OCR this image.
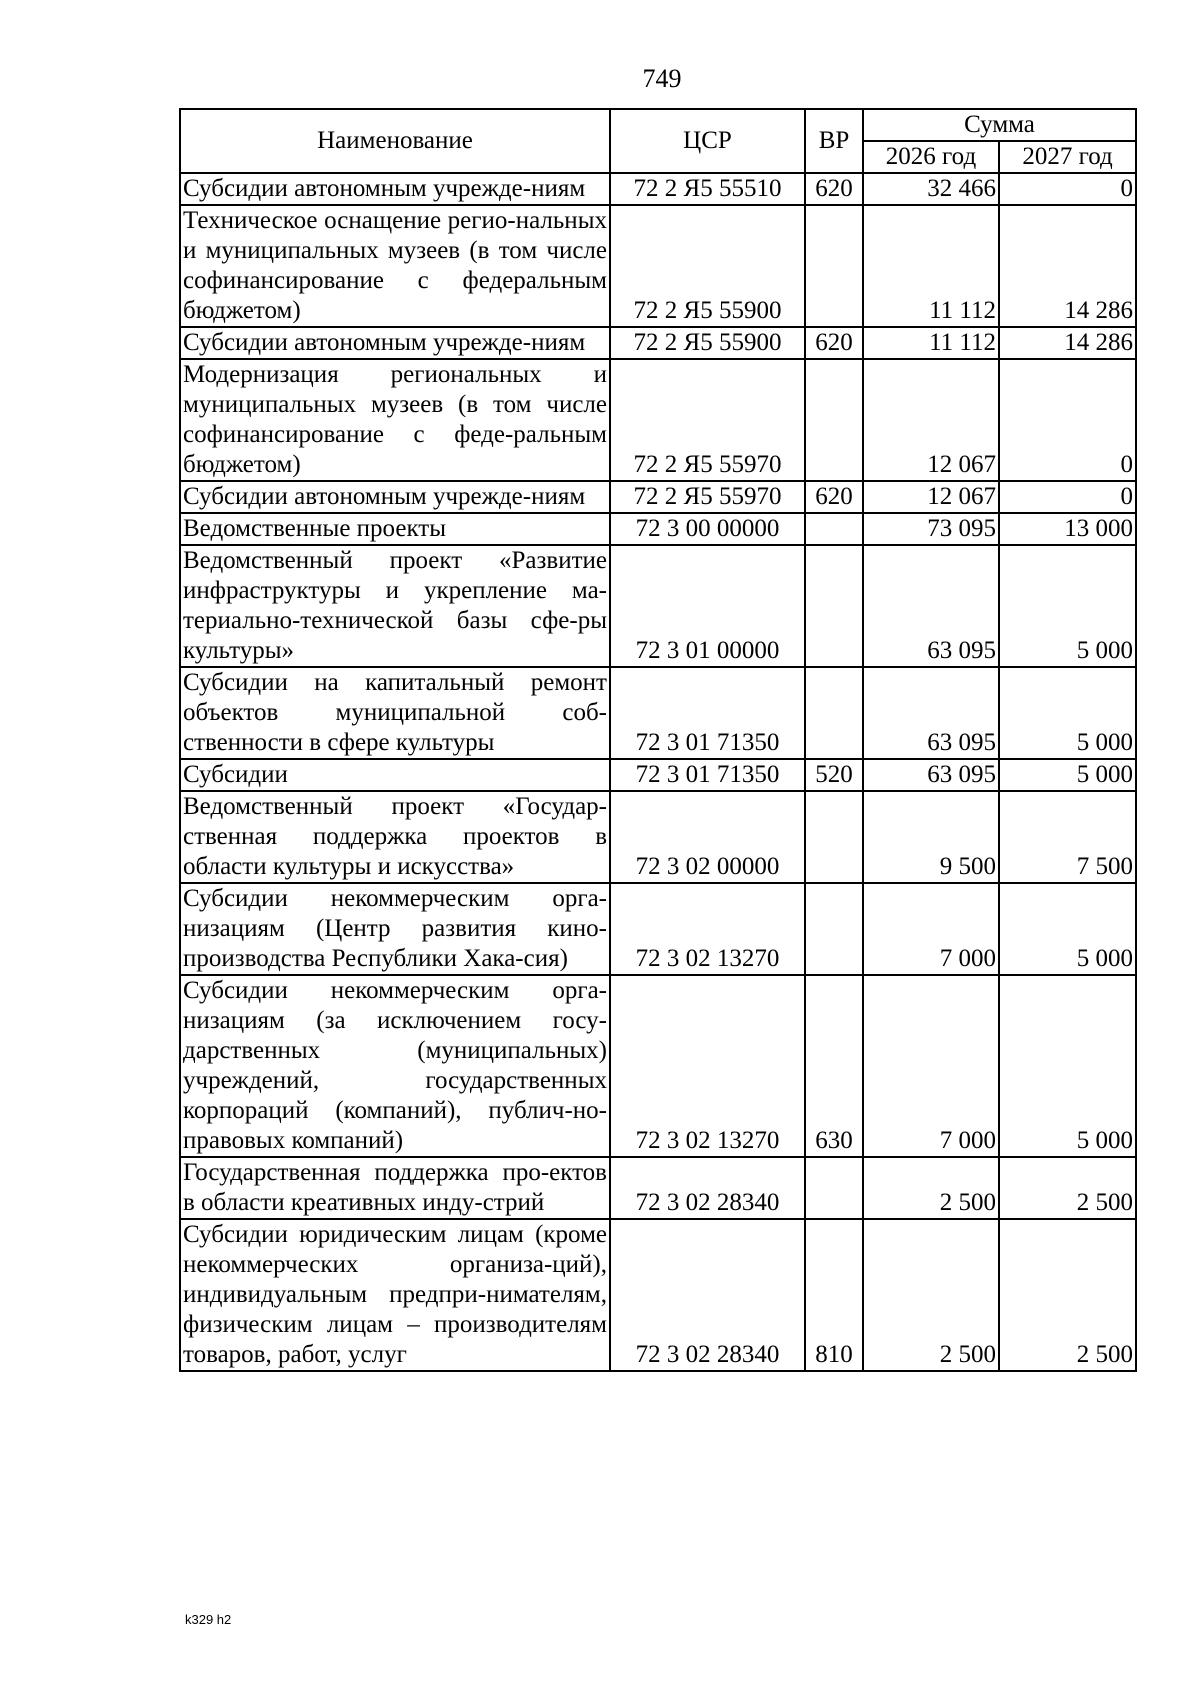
749
Наименование	ЦСР	ВР	Сумма	
			2026 год	2027 год
Субсидии автономным учрежде-ниям	72 2 Я5 55510	620	32 466	0
Техническое оснащение регио-нальных и муниципальных музеев (в том числе софинансирование с федеральным бюджетом)	72 2 Я5 55900		11 112	14 286
Субсидии автономным учрежде-ниям	72 2 Я5 55900	620	11 112	14 286
Модернизация региональных и муниципальных музеев (в том числе софинансирование с феде-ральным бюджетом)	72 2 Я5 55970		12 067	0
Субсидии автономным учрежде-ниям	72 2 Я5 55970	620	12 067	0
Ведомственные проекты	72 3 00 00000		73 095	13 000
Ведомственный проект «Развитие инфраструктуры и укрепление ма-териально-технической базы сфе-ры культуры»	72 3 01 00000		63 095	5 000
Субсидии на капитальный ремонт объектов муниципальной соб-ственности в сфере культуры	72 3 01 71350		63 095	5 000
Субсидии	72 3 01 71350	520	63 095	5 000
Ведомственный проект «Государ-ственная поддержка проектов в области культуры и искусства»	72 3 02 00000		9 500	7 500
Субсидии некоммерческим орга-низациям (Центр развития кино-производства Республики Хака-сия)	72 3 02 13270		7 000	5 000
Субсидии некоммерческим орга-низациям (за исключением госу-дарственных (муниципальных) учреждений, государственных корпораций (компаний), публич-но-правовых компаний)	72 3 02 13270	630	7 000	5 000
Государственная поддержка про-ектов в области креативных инду-стрий	72 3 02 28340		2 500	2 500
Субсидии юридическим лицам (кроме некоммерческих организа-ций), индивидуальным предпри-нимателям, физическим лицам – производителям товаров, работ, услуг	72 3 02 28340	810	2 500	2 500
k329 h2
